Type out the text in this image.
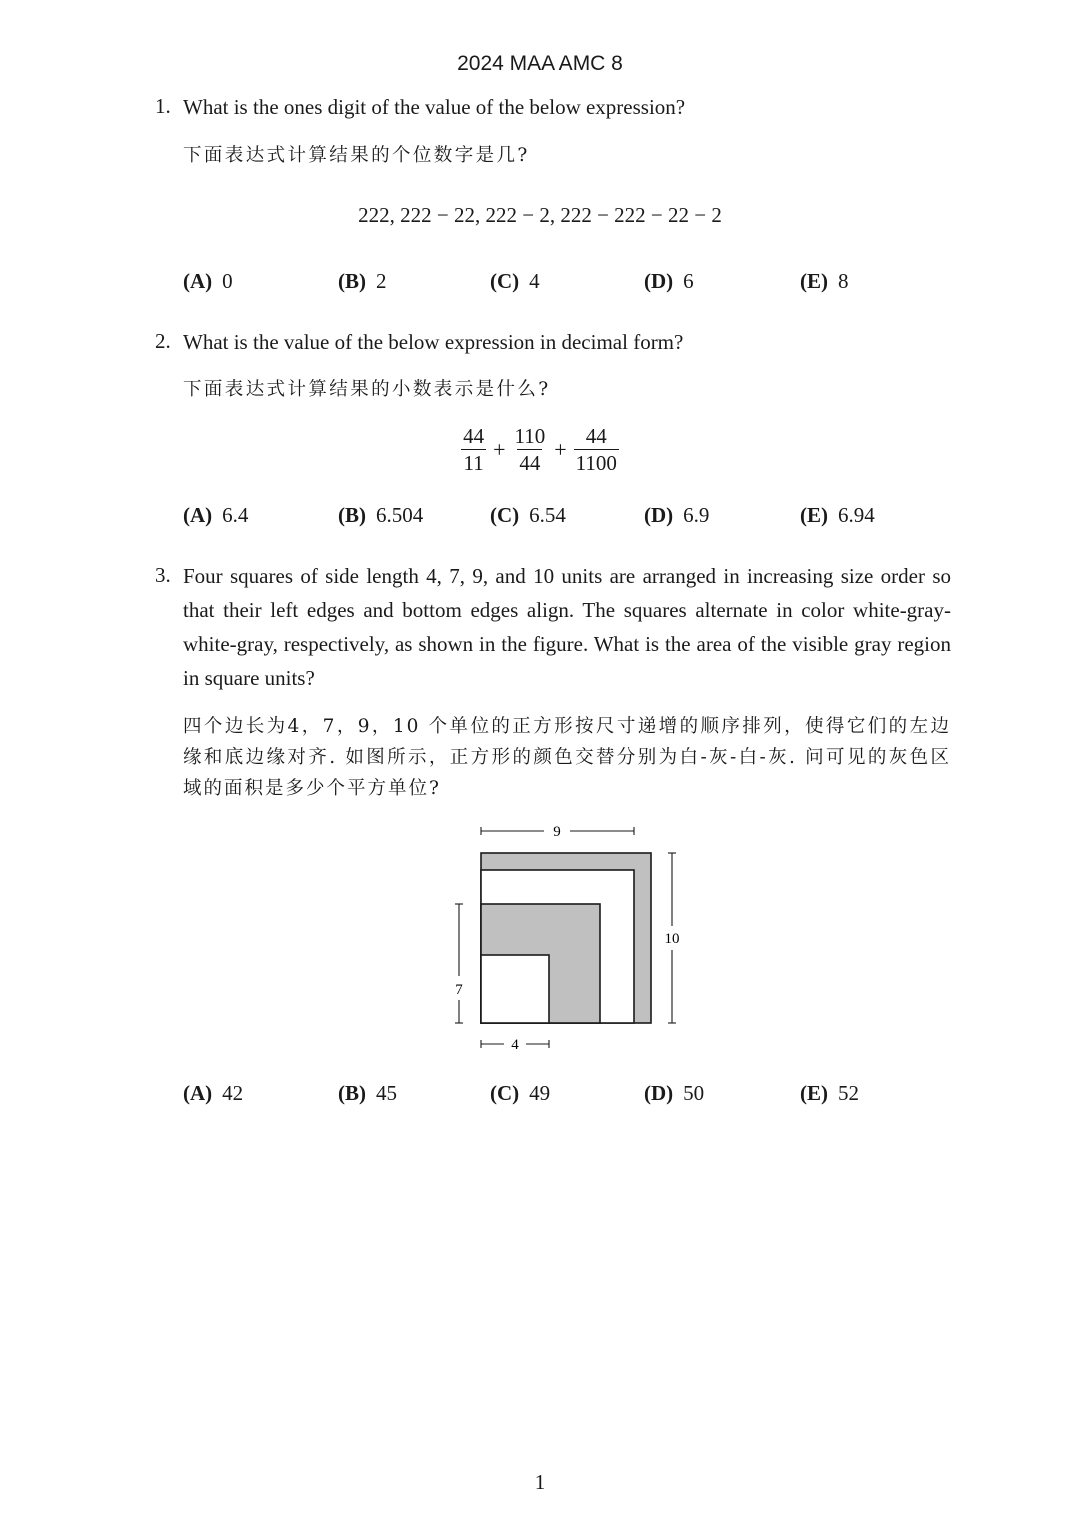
2024 MAA AMC 8
1. What is the ones digit of the value of the below expression?
下面表达式计算结果的个位数字是几?
222, 222 − 22, 222 − 2, 222 − 222 − 22 − 2
(A) 0	(B) 2	(C) 4	(D) 6	(E) 8
2. What is the value of the below expression in decimal form?
下面表达式计算结果的小数表示是什么?
$\frac{44}{11} + \frac{110}{44} + \frac{44}{1100}$
(A) 6.4	(B) 6.504	(C) 6.54	(D) 6.9	(E) 6.94
3. Four squares of side length 4, 7, 9, and 10 units are arranged in increasing size order so that their left edges and bottom edges align. The squares alternate in color white-gray-white-gray, respectively, as shown in the figure. What is the area of the visible gray region in square units?
四个边长为4，7，9，10 个单位的正方形按尺寸递增的顺序排列，使得它们的左边缘和底边缘对齐. 如图所示，正方形的颜色交替分别为白-灰-白-灰. 问可见的灰色区域的面积是多少个平方单位?
9
10
7
4
(A) 42	(B) 45	(C) 49	(D) 50	(E) 52
1
